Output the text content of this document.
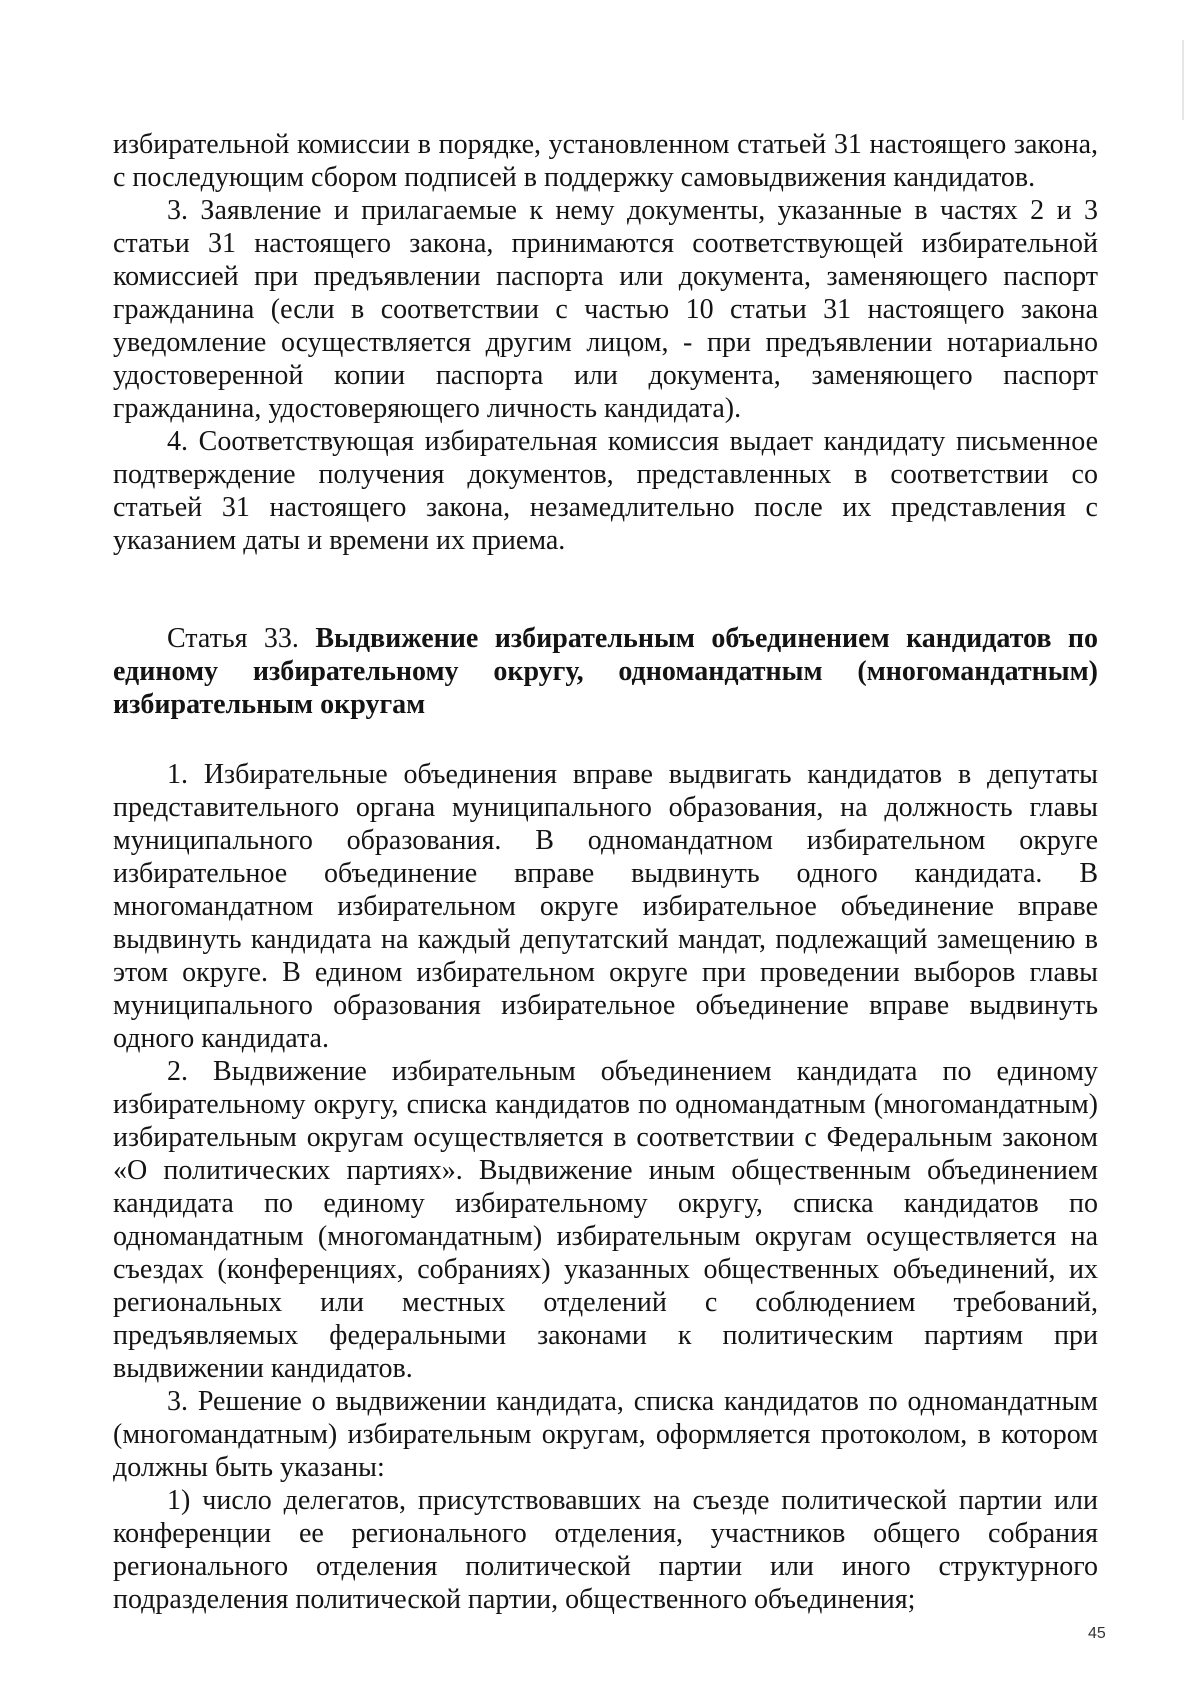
избирательной комиссии в порядке, установленном статьей 31 настоящего закона, с последующим сбором подписей в поддержку самовыдвижения кандидатов.

3. Заявление и прилагаемые к нему документы, указанные в частях 2 и 3 статьи 31 настоящего закона, принимаются соответствующей избирательной комиссией при предъявлении паспорта или документа, заменяющего паспорт гражданина (если в соответствии с частью 10 статьи 31 настоящего закона уведомление осуществляется другим лицом, - при предъявлении нотариально удостоверенной копии паспорта или документа, заменяющего паспорт гражданина, удостоверяющего личность кандидата).

4. Соответствующая избирательная комиссия выдает кандидату письменное подтверждение получения документов, представленных в соответствии со статьей 31 настоящего закона, незамедлительно после их представления с указанием даты и времени их приема.

Статья 33. Выдвижение избирательным объединением кандидатов по единому избирательному округу, одномандатным (многомандатным) избирательным округам

1. Избирательные объединения вправе выдвигать кандидатов в депутаты представительного органа муниципального образования, на должность главы муниципального образования. В одномандатном избирательном округе избирательное объединение вправе выдвинуть одного кандидата. В многомандатном избирательном округе избирательное объединение вправе выдвинуть кандидата на каждый депутатский мандат, подлежащий замещению в этом округе. В едином избирательном округе при проведении выборов главы муниципального образования избирательное объединение вправе выдвинуть одного кандидата.

2. Выдвижение избирательным объединением кандидата по единому избирательному округу, списка кандидатов по одномандатным (многомандатным) избирательным округам осуществляется в соответствии с Федеральным законом «О политических партиях». Выдвижение иным общественным объединением кандидата по единому избирательному округу, списка кандидатов по одномандатным (многомандатным) избирательным округам осуществляется на съездах (конференциях, собраниях) указанных общественных объединений, их региональных или местных отделений с соблюдением требований, предъявляемых федеральными законами к политическим партиям при выдвижении кандидатов.

3. Решение о выдвижении кандидата, списка кандидатов по одномандатным (многомандатным) избирательным округам, оформляется протоколом, в котором должны быть указаны:

1) число делегатов, присутствовавших на съезде политической партии или конференции ее регионального отделения, участников общего собрания регионального отделения политической партии или иного структурного подразделения политической партии, общественного объединения;

45
